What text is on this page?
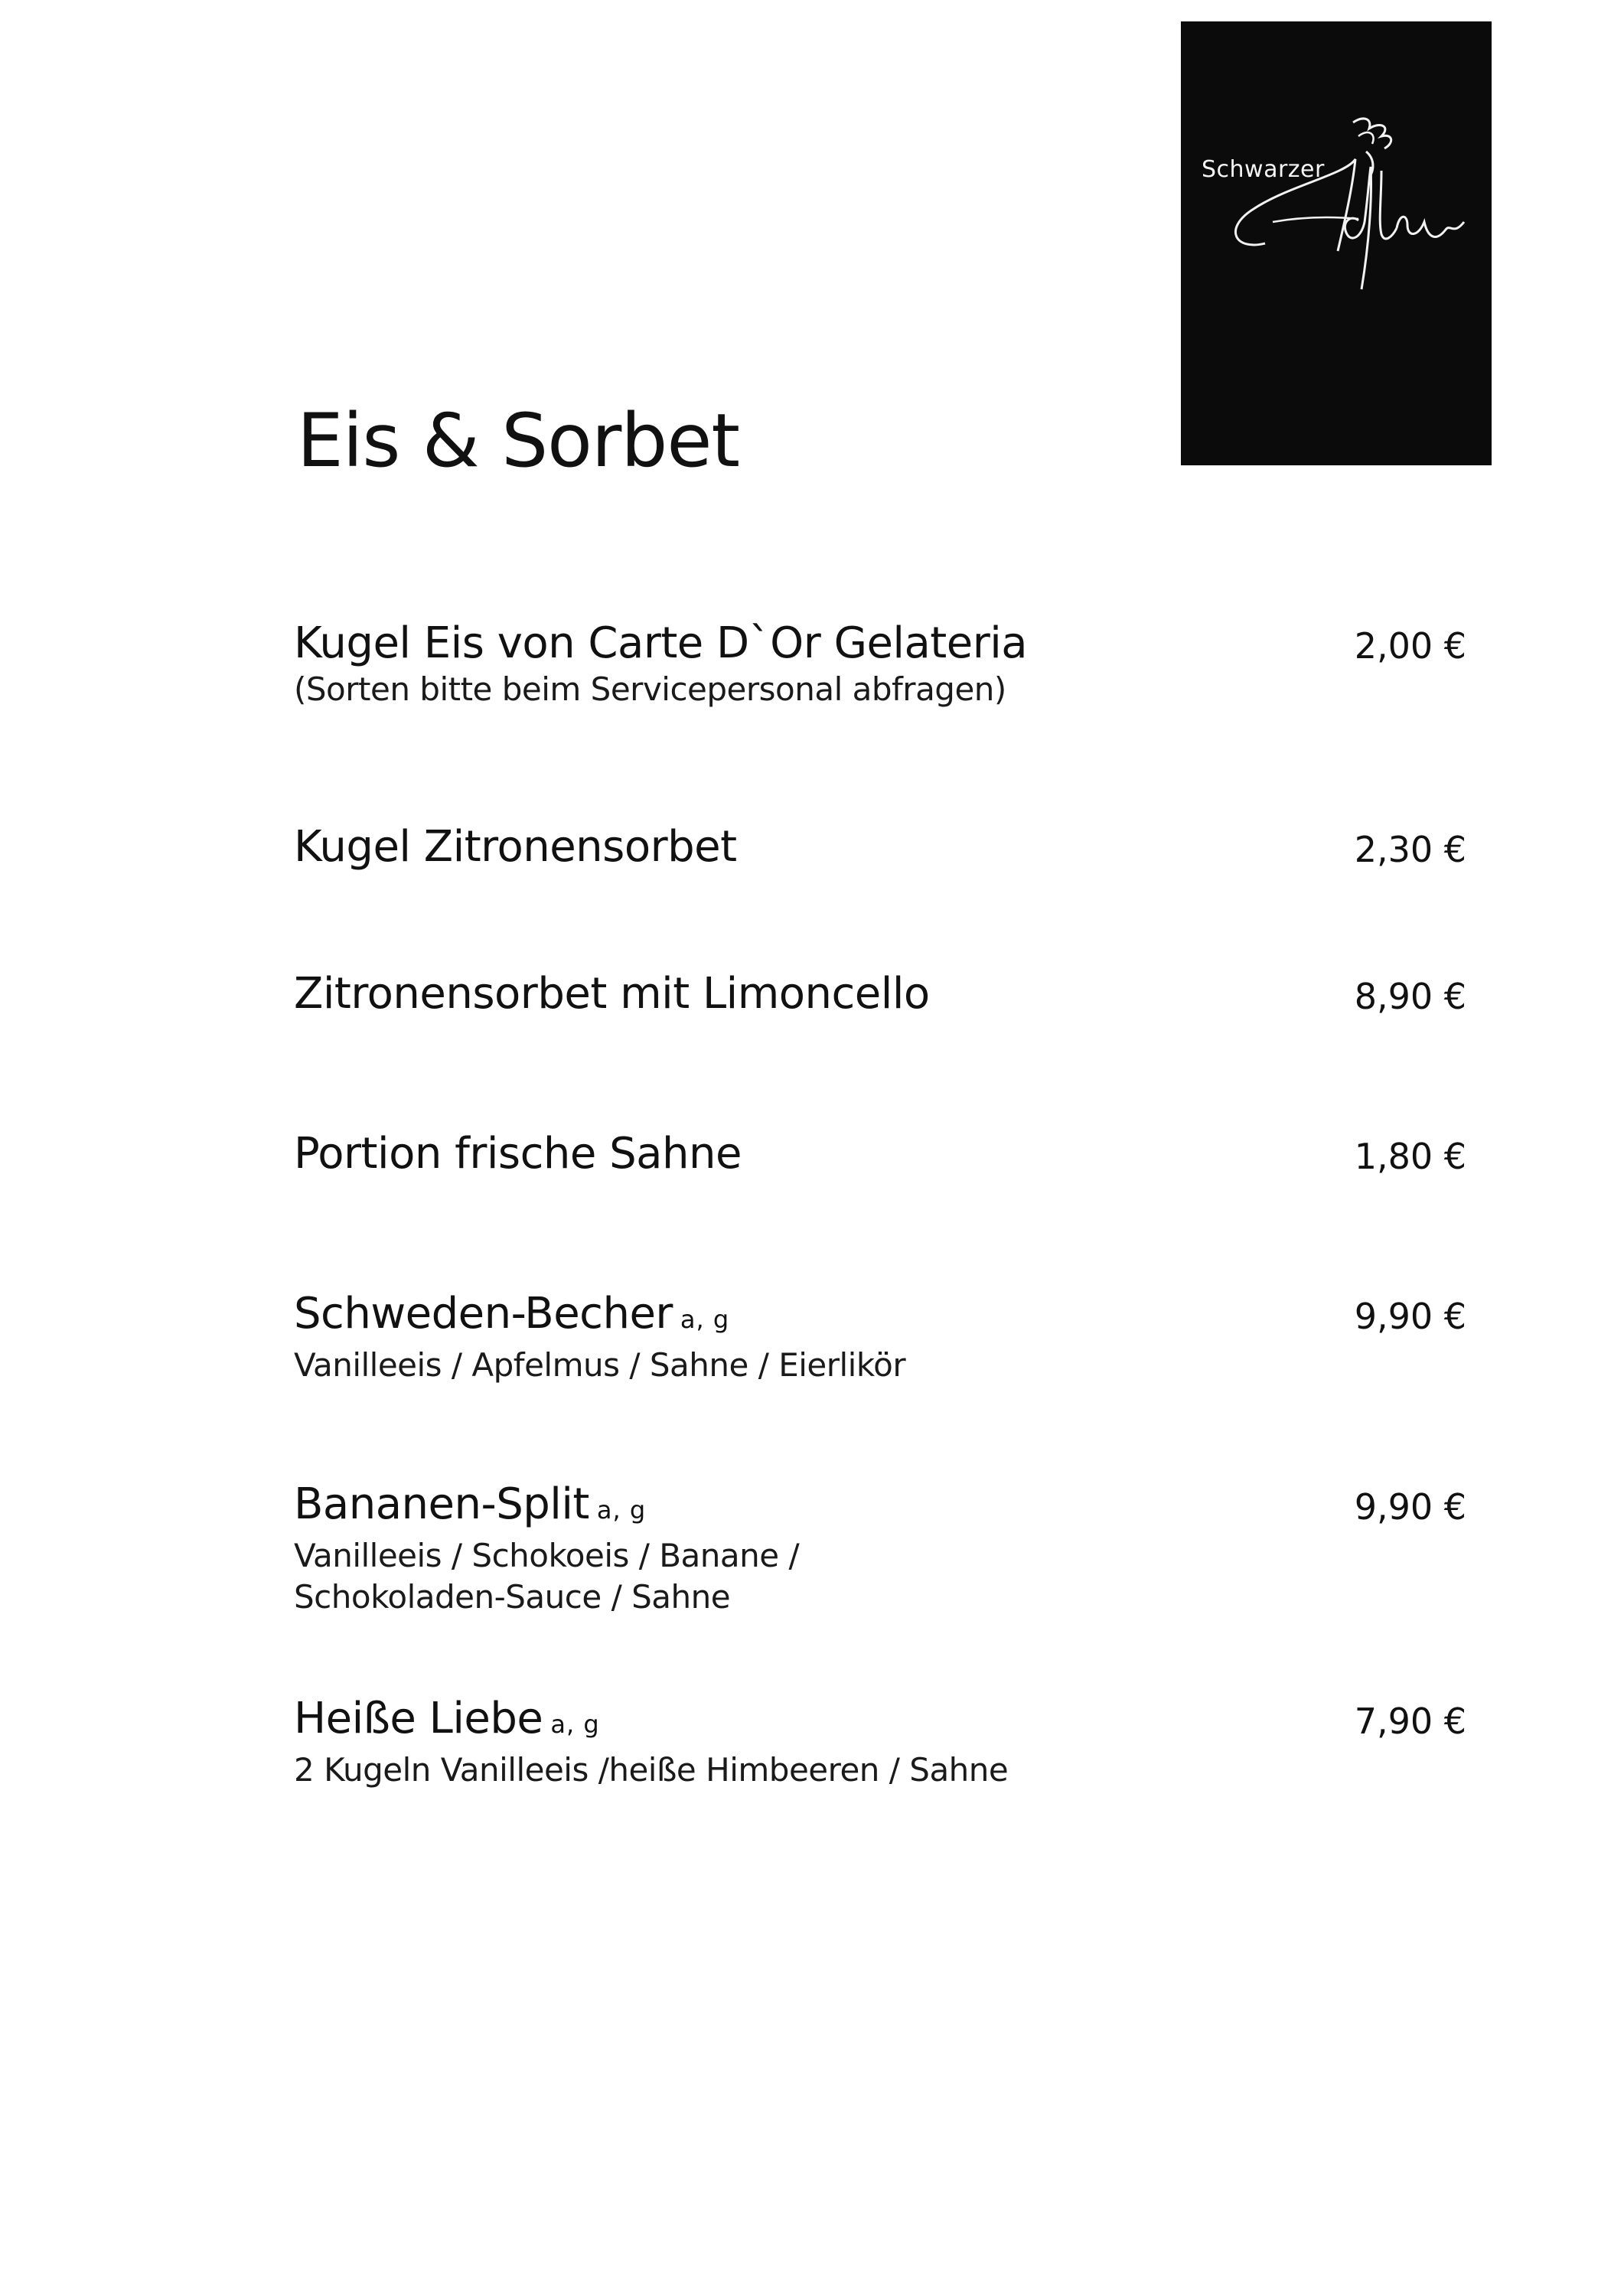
Schwarzer
Eis & Sorbet
Kugel Eis von Carte D`Or Gelateria
(Sorten bitte beim Servicepersonal abfragen)
2,00 €
Kugel Zitronensorbet	2,30 €
Zitronensorbet mit Limoncello	8,90 €
Portion frische Sahne	1,80 €
Schweden-Becher a, g
Vanilleeis / Apfelmus / Sahne / Eierlikör
9,90 €
Bananen-Split a, g
Vanilleeis / Schokoeis / Banane /
Schokoladen-Sauce / Sahne
9,90 €
Heiße Liebe a, g
2 Kugeln Vanilleeis /heiße Himbeeren / Sahne
7,90 €
